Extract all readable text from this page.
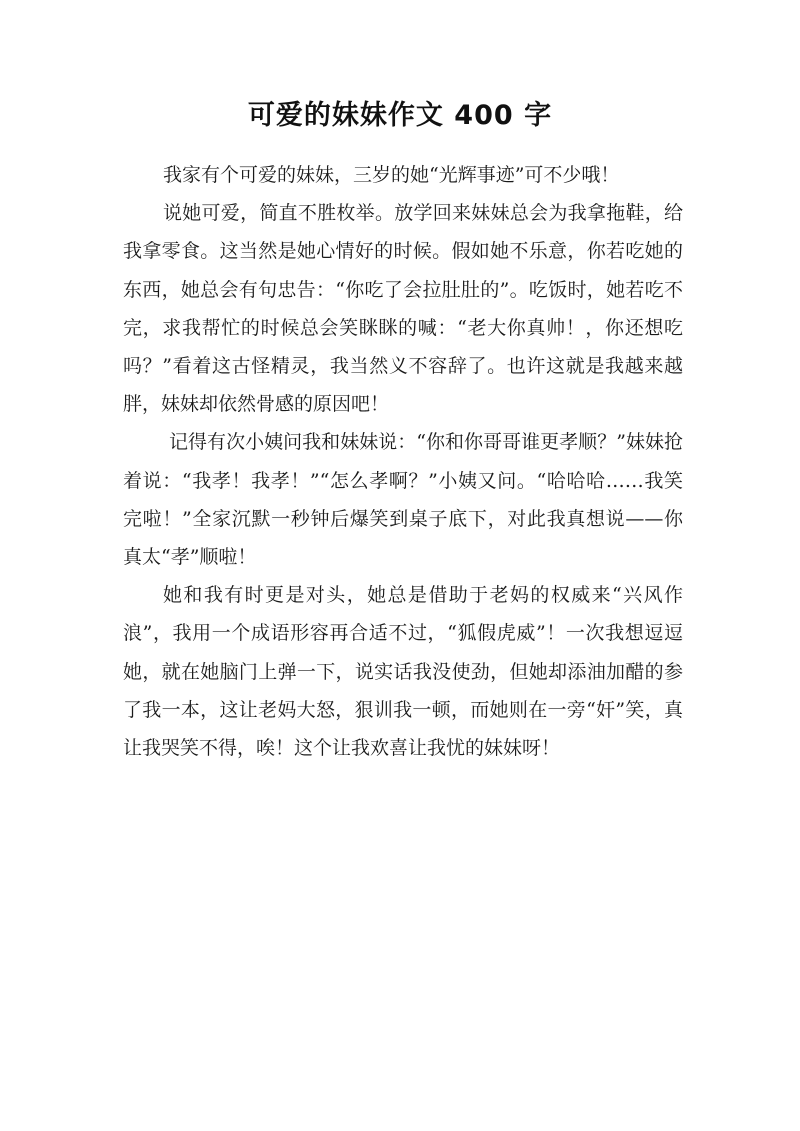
可爱的妹妹作文 400 字

我家有个可爱的妹妹，三岁的她“光辉事迹”可不少哦！

说她可爱，简直不胜枚举。放学回来妹妹总会为我拿拖鞋，给我拿零食。这当然是她心情好的时候。假如她不乐意，你若吃她的东西，她总会有句忠告：“你吃了会拉肚肚的”。吃饭时，她若吃不完，求我帮忙的时候总会笑眯眯的喊：“老大你真帅！，你还想吃吗？”看着这古怪精灵，我当然义不容辞了。也许这就是我越来越胖，妹妹却依然骨感的原因吧！

记得有次小姨问我和妹妹说：“你和你哥哥谁更孝顺？”妹妹抢着说：“我孝！我孝！”“怎么孝啊？”小姨又问。“哈哈哈……我笑完啦！”全家沉默一秒钟后爆笑到桌子底下，对此我真想说——你真太“孝”顺啦！

她和我有时更是对头，她总是借助于老妈的权威来“兴风作浪”，我用一个成语形容再合适不过，“狐假虎威”！一次我想逗逗她，就在她脑门上弹一下，说实话我没使劲，但她却添油加醋的参了我一本，这让老妈大怒，狠训我一顿，而她则在一旁“奸”笑，真让我哭笑不得，唉！这个让我欢喜让我忧的妹妹呀！
